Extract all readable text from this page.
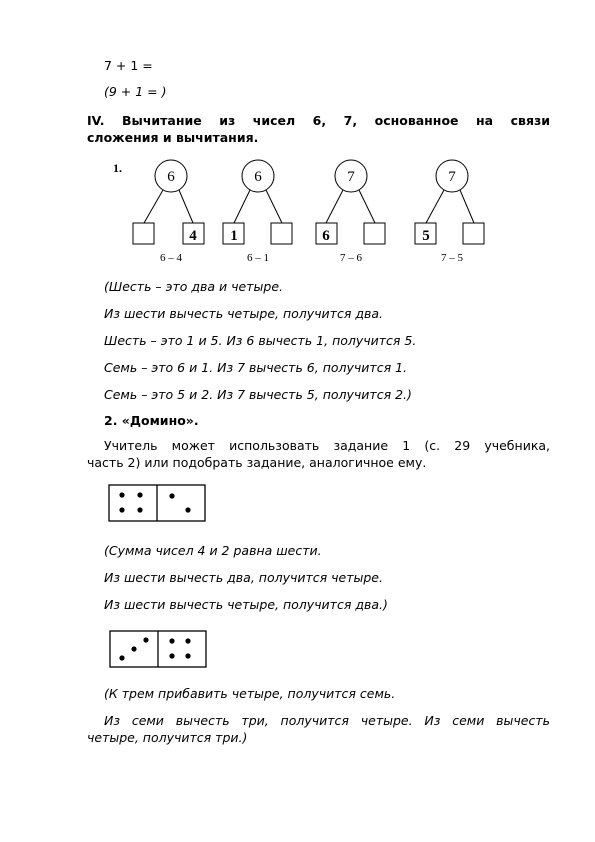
7 + 1 =
(9 + 1 = )
IV. Вычитание из чисел 6, 7, основанное на связи
сложения и вычитания.
1.
6
4
6 – 4
6
1
6 – 1
7
6
7 – 6
7
5
7 – 5
(Шесть – это два и четыре.
Из шести вычесть четыре, получится два.
Шесть – это 1 и 5. Из 6 вычесть 1, получится 5.
Семь – это 6 и 1. Из 7 вычесть 6, получится 1.
Семь – это 5 и 2. Из 7 вычесть 5, получится 2.)
2. «Домино».
Учитель может использовать задание 1 (с. 29 учебника,
часть 2) или подобрать задание, аналогичное ему.
(Сумма чисел 4 и 2 равна шести.
Из шести вычесть два, получится четыре.
Из шести вычесть четыре, получится два.)
(К трем прибавить четыре, получится семь.
Из семи вычесть три, получится четыре. Из семи вычесть
четыре, получится три.)
